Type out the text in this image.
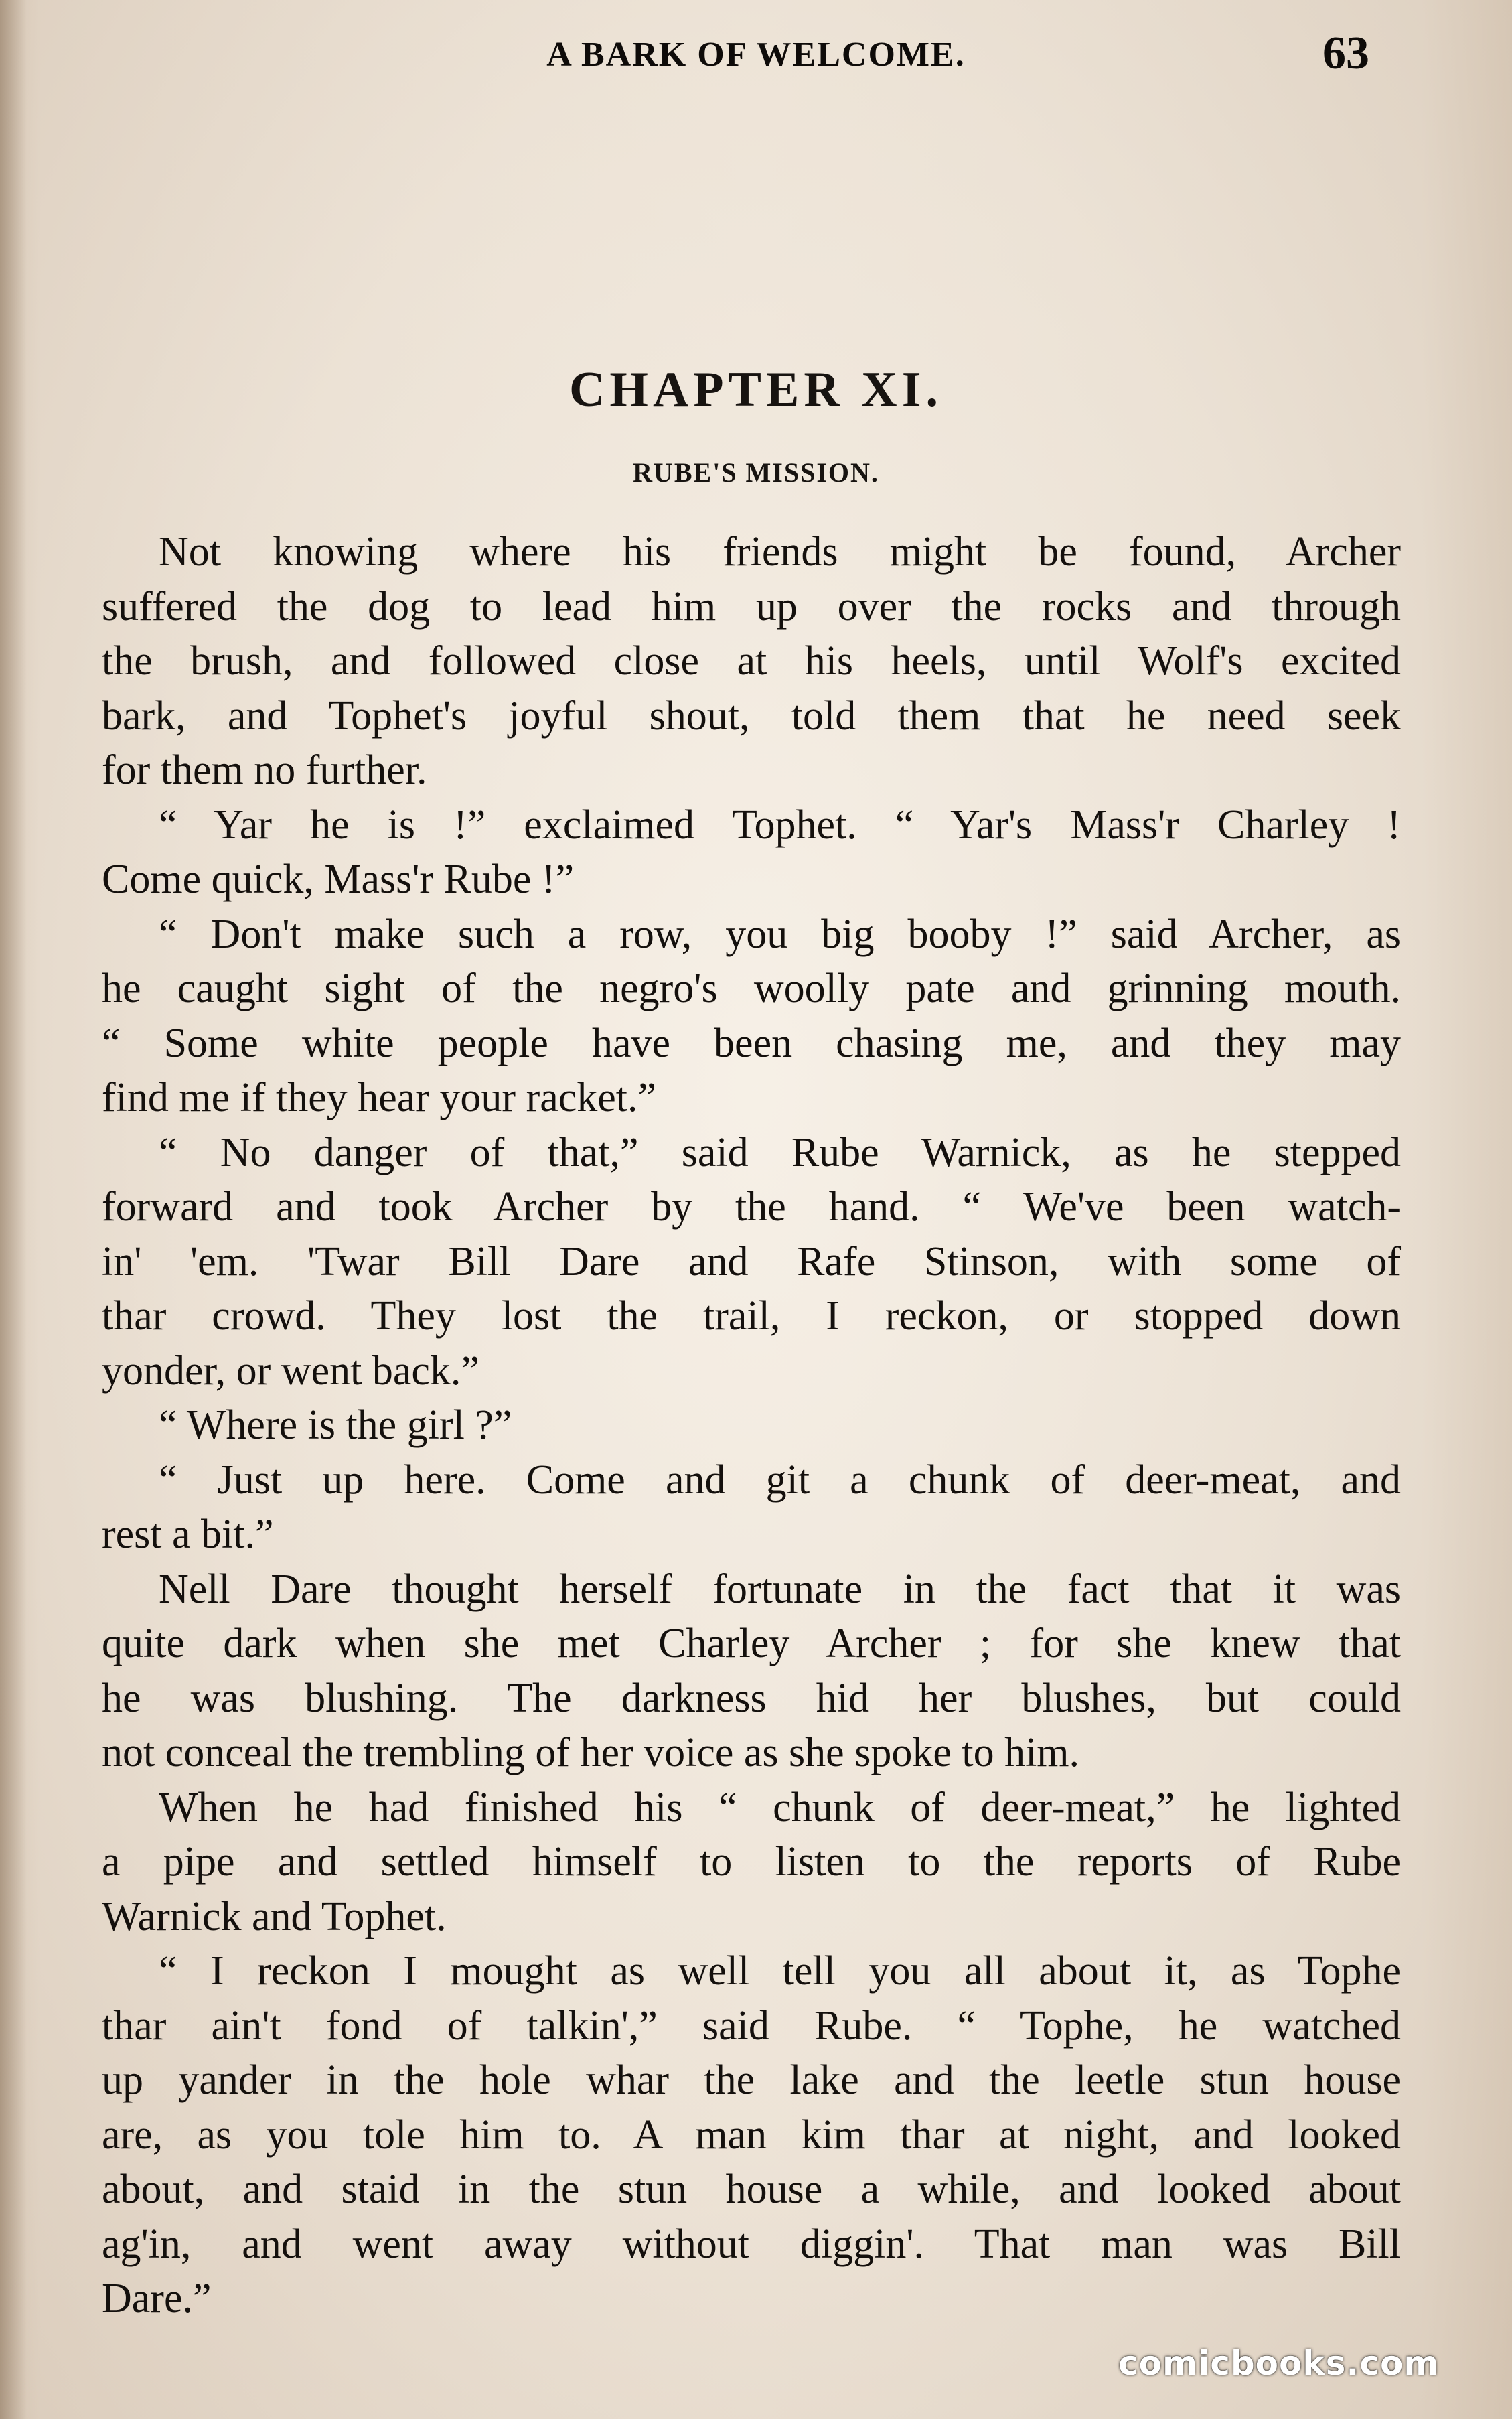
A BARK OF WELCOME.	63
CHAPTER XI.
RUBE'S MISSION.
Not knowing where his friends might be found, Archer
suffered the dog to lead him up over the rocks and through
the brush, and followed close at his heels, until Wolf's excited
bark, and Tophet's joyful shout, told them that he need seek
for them no further.
“ Yar he is !” exclaimed Tophet. “ Yar's Mass'r Charley !
Come quick, Mass'r Rube !”
“ Don't make such a row, you big booby !” said Archer, as
he caught sight of the negro's woolly pate and grinning mouth.
“ Some white people have been chasing me, and they may
find me if they hear your racket.”
“ No danger of that,” said Rube Warnick, as he stepped
forward and took Archer by the hand. “ We've been watch-
in' 'em. 'Twar Bill Dare and Rafe Stinson, with some of
thar crowd. They lost the trail, I reckon, or stopped down
yonder, or went back.”
“ Where is the girl ?”
“ Just up here. Come and git a chunk of deer-meat, and
rest a bit.”
Nell Dare thought herself fortunate in the fact that it was
quite dark when she met Charley Archer ; for she knew that
he was blushing. The darkness hid her blushes, but could
not conceal the trembling of her voice as she spoke to him.
When he had finished his “ chunk of deer-meat,” he lighted
a pipe and settled himself to listen to the reports of Rube
Warnick and Tophet.
“ I reckon I mought as well tell you all about it, as Tophe
thar ain't fond of talkin',” said Rube. “ Tophe, he watched
up yander in the hole whar the lake and the leetle stun house
are, as you tole him to. A man kim thar at night, and looked
about, and staid in the stun house a while, and looked about
ag'in, and went away without diggin'. That man was Bill
Dare.”
comicbooks.com
